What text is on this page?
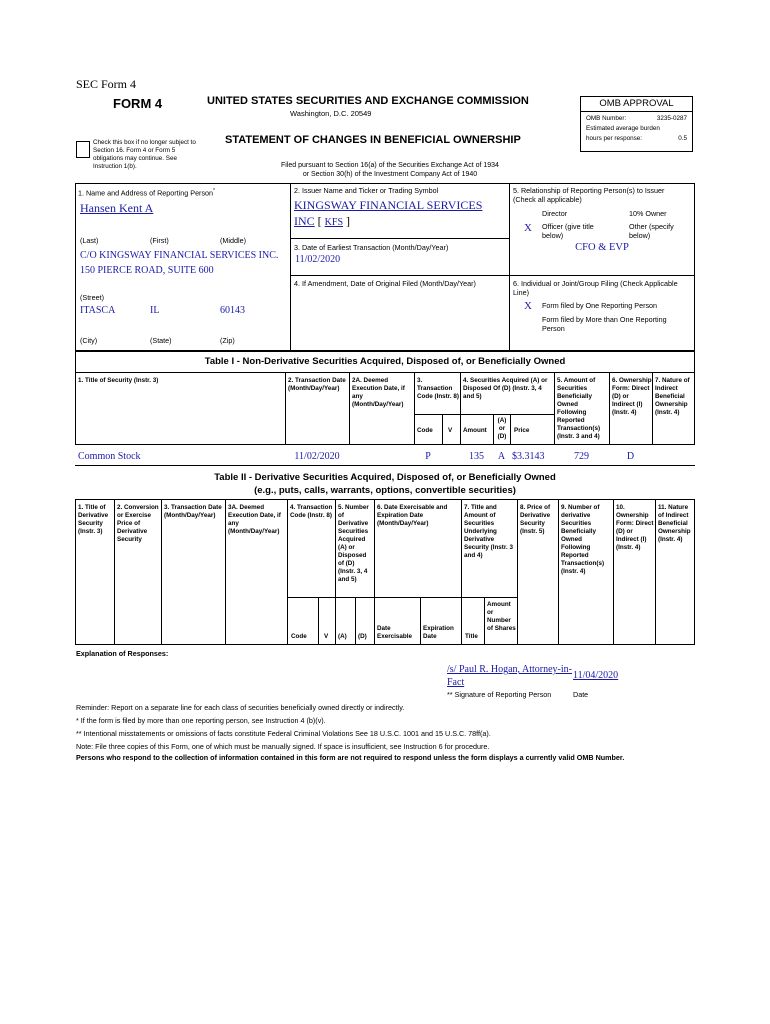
SEC Form 4
FORM 4	UNITED STATES SECURITIES AND EXCHANGE COMMISSION
Washington, D.C. 20549
Check this box if no longer subject to Section 16. Form 4 or Form 5 obligations may continue. See Instruction 1(b).
STATEMENT OF CHANGES IN BENEFICIAL OWNERSHIP
Filed pursuant to Section 16(a) of the Securities Exchange Act of 1934
or Section 30(h) of the Investment Company Act of 1940
OMB APPROVAL
OMB Number:	3235-0287
Estimated average burden
hours per response:	0.5
1. Name and Address of Reporting Person*
Hansen Kent A
(Last)	(First)	(Middle)
C/O KINGSWAY FINANCIAL SERVICES INC.
150 PIERCE ROAD, SUITE 600
(Street)
ITASCA	IL	60143
(City)	(State)	(Zip)
2. Issuer Name and Ticker or Trading Symbol
KINGSWAY FINANCIAL SERVICES INC [ KFS ]
3. Date of Earliest Transaction (Month/Day/Year)
11/02/2020
4. If Amendment, Date of Original Filed (Month/Day/Year)
5. Relationship of Reporting Person(s) to Issuer
(Check all applicable)
Director	10% Owner
X Officer (give title below)
Other (specify below)
CFO & EVP
6. Individual or Joint/Group Filing (Check Applicable Line)
X Form filed by One Reporting Person
Form filed by More than One Reporting Person
Table I - Non-Derivative Securities Acquired, Disposed of, or Beneficially Owned
1. Title of Security (Instr. 3)	2. Transaction Date (Month/Day/Year)
2A. Deemed Execution Date, if any (Month/Day/Year)
3. Transaction Code (Instr. 8)
4. Securities Acquired (A) or Disposed Of (D) (Instr. 3, 4 and 5)
5. Amount of Securities Beneficially Owned Following Reported Transaction(s) (Instr. 3 and 4)
6. Ownership Form: Direct (D) or Indirect (I) (Instr. 4)
7. Nature of Indirect Beneficial Ownership (Instr. 4)
Code V Amount
(A) or (D)
Price
Common Stock	11/02/2020	P	135	A $3.3143	729	D
Table II - Derivative Securities Acquired, Disposed of, or Beneficially Owned
(e.g., puts, calls, warrants, options, convertible securities)
1. Title of Derivative Security (Instr. 3)
2. Conversion or Exercise Price of Derivative Security
3. Transaction Date (Month/Day/Year)
3A. Deemed Execution Date, if any (Month/Day/Year)
4. Transaction Code (Instr. 8)
5. Number of Derivative Securities Acquired (A) or Disposed of (D) (Instr. 3, 4 and 5)
6. Date Exercisable and Expiration Date (Month/Day/Year)
7. Title and Amount of Securities Underlying Derivative Security (Instr. 3 and 4)
8. Price of Derivative Security (Instr. 5)
9. Number of derivative Securities Beneficially Owned Following Reported Transaction(s) (Instr. 4)
10. Ownership Form: Direct (D) or Indirect (I) (Instr. 4)
11. Nature of Indirect Beneficial Ownership (Instr. 4)
Code	V (A) (D)
Date Exercisable
Expiration Date	Title
Amount or Number of Shares
Explanation of Responses:
/s/ Paul R. Hogan, Attorney-in-Fact
11/04/2020
** Signature of Reporting Person	Date
Reminder: Report on a separate line for each class of securities beneficially owned directly or indirectly.
* If the form is filed by more than one reporting person, see Instruction 4 (b)(v).
** Intentional misstatements or omissions of facts constitute Federal Criminal Violations See 18 U.S.C. 1001 and 15 U.S.C. 78ff(a).
Note: File three copies of this Form, one of which must be manually signed. If space is insufficient, see Instruction 6 for procedure.
Persons who respond to the collection of information contained in this form are not required to respond unless the form displays a currently valid OMB Number.
